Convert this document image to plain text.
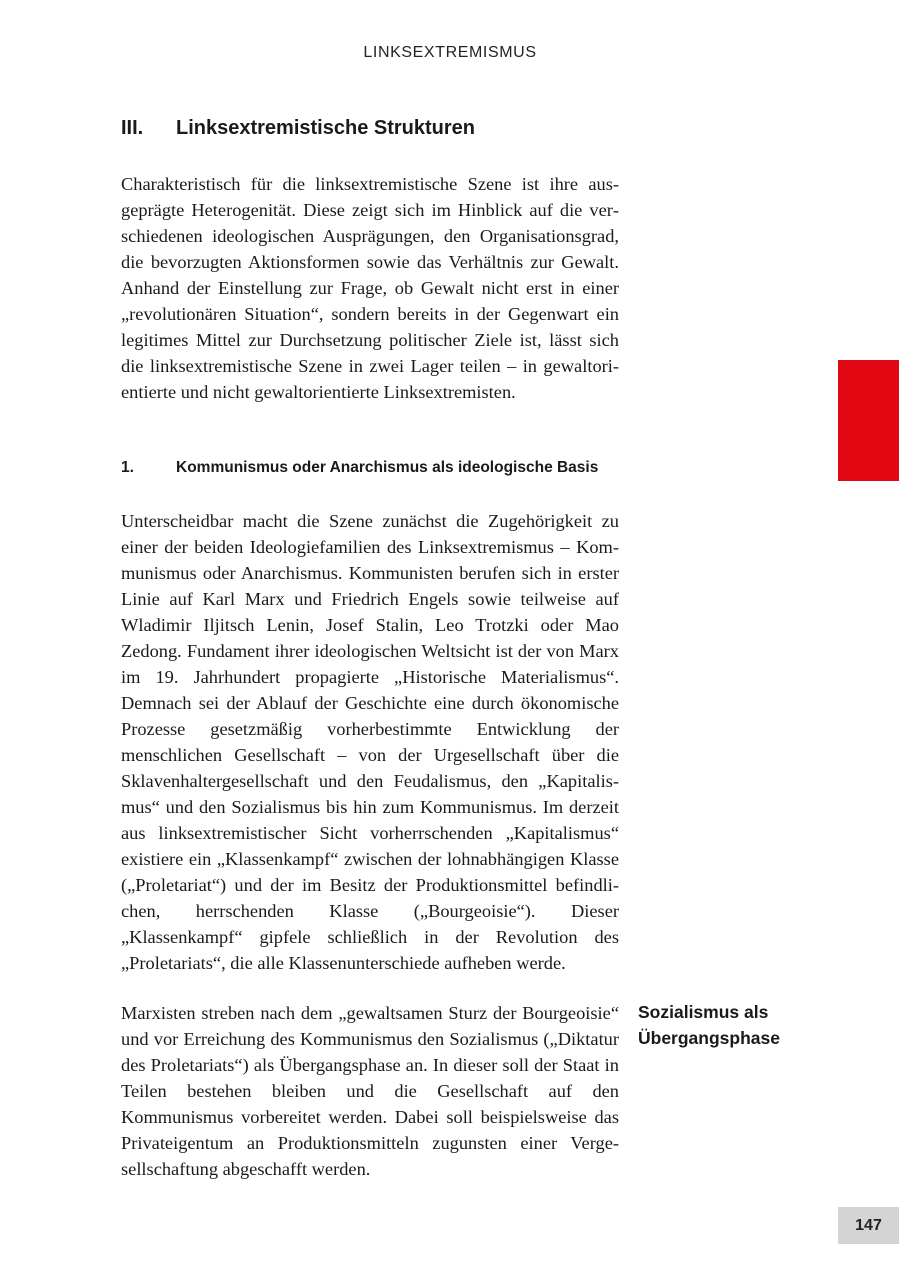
LINKSEXTREMISMUS
III. Linksextremistische Strukturen

Charakteristisch für die linksextremistische Szene ist ihre ausgeprägte Heterogenität. Diese zeigt sich im Hinblick auf die verschiedenen ideologischen Ausprägungen, den Organisationsgrad, die bevorzugten Aktionsformen sowie das Verhältnis zur Gewalt. Anhand der Einstellung zur Frage, ob Gewalt nicht erst in einer „revolutionären Situation“, sondern bereits in der Gegenwart ein legitimes Mittel zur Durchsetzung politischer Ziele ist, lässt sich die linksextremistische Szene in zwei Lager teilen – in gewaltorientierte und nicht gewaltorientierte Linksextremisten.

1.	Kommunismus oder Anarchismus als ideologische Basis

Unterscheidbar macht die Szene zunächst die Zugehörigkeit zu einer der beiden Ideologiefamilien des Linksextremismus – Kommunismus oder Anarchismus. Kommunisten berufen sich in erster Linie auf Karl Marx und Friedrich Engels sowie teilweise auf Wladimir Iljitsch Lenin, Josef Stalin, Leo Trotzki oder Mao Zedong. Fundament ihrer ideologischen Weltsicht ist der von Marx im 19. Jahrhundert propagierte „Historische Materialismus“. Demnach sei der Ablauf der Geschichte eine durch ökonomische Prozesse gesetzmäßig vorherbestimmte Entwicklung der menschlichen Gesellschaft – von der Urgesellschaft über die Sklavenhaltergesellschaft und den Feudalismus, den „Kapitalismus“ und den Sozialismus bis hin zum Kommunismus. Im derzeit aus linksextremistischer Sicht vorherrschenden „Kapitalismus“ existiere ein „Klassenkampf“ zwischen der lohnabhängigen Klasse („Proletariat“) und der im Besitz der Produktionsmittel befindlichen, herrschenden Klasse („Bourgeoisie“). Dieser „Klassenkampf“ gipfele schließlich in der Revolution des „Proletariats“, die alle Klassenunterschiede aufheben werde.

Marxisten streben nach dem „gewaltsamen Sturz der Bourgeoisie“ und vor Erreichung des Kommunismus den Sozialismus („Diktatur des Proletariats“) als Übergangsphase an. In dieser soll der Staat in Teilen bestehen bleiben und die Gesellschaft auf den Kommunismus vorbereitet werden. Dabei soll beispielsweise das Privateigentum an Produktionsmitteln zugunsten einer Vergesellschaftung abgeschafft werden.

Sozialismus als
Übergangsphase
147
